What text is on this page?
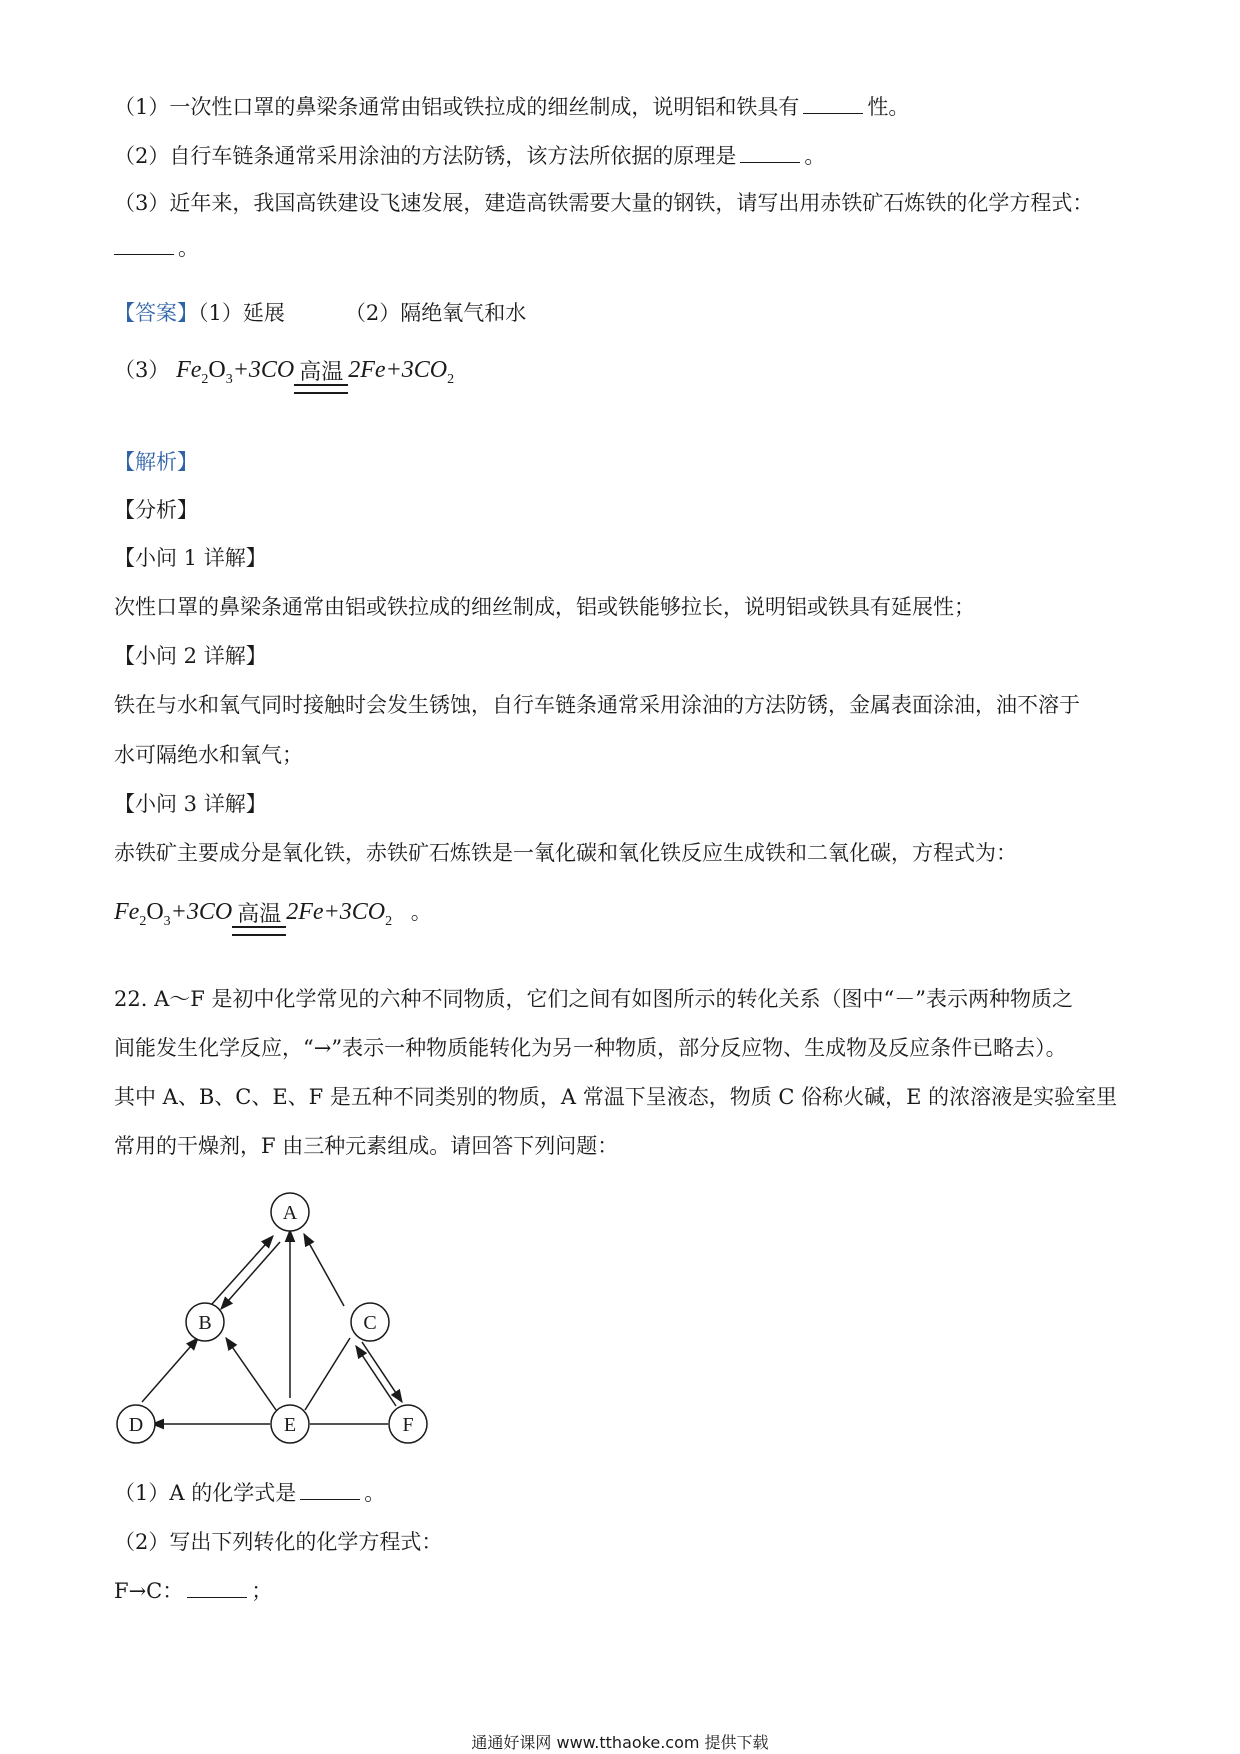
（1）一次性口罩的鼻梁条通常由铝或铁拉成的细丝制成，说明铝和铁具有	性。
（2）自行车链条通常采用涂油的方法防锈，该方法所依据的原理是	。
（3）近年来，我国高铁建设飞速发展，建造高铁需要大量的钢铁，请写出用赤铁矿石炼铁的化学方程式：
。
【答案】（1）延展	（2）隔绝氧气和水
（3） $Fe_2O_3+3CO$ 高温 $2Fe+3CO_2$
【解析】
【分析】
【小问 1 详解】
次性口罩的鼻梁条通常由铝或铁拉成的细丝制成，铝或铁能够拉长，说明铝或铁具有延展性；
【小问 2 详解】
铁在与水和氧气同时接触时会发生锈蚀，自行车链条通常采用涂油的方法防锈，金属表面涂油，油不溶于
水可隔绝水和氧气；
【小问 3 详解】
赤铁矿主要成分是氧化铁，赤铁矿石炼铁是一氧化碳和氧化铁反应生成铁和二氧化碳，方程式为：
$Fe_2O_3+3CO$ 高温 $2Fe+3CO_2$ 。
22. A～F 是初中化学常见的六种不同物质，它们之间有如图所示的转化关系（图中“－”表示两种物质之
间能发生化学反应，“→”表示一种物质能转化为另一种物质，部分反应物、生成物及反应条件已略去）。
其中 A、B、C、E、F 是五种不同类别的物质，A 常温下呈液态，物质 C 俗称火碱，E 的浓溶液是实验室里
常用的干燥剂，F 由三种元素组成。请回答下列问题：
A
B	C
D	E	F
（1）A 的化学式是	。
（2）写出下列转化的化学方程式：
F→C：	；
通通好课网 www.tthaoke.com 提供下载
